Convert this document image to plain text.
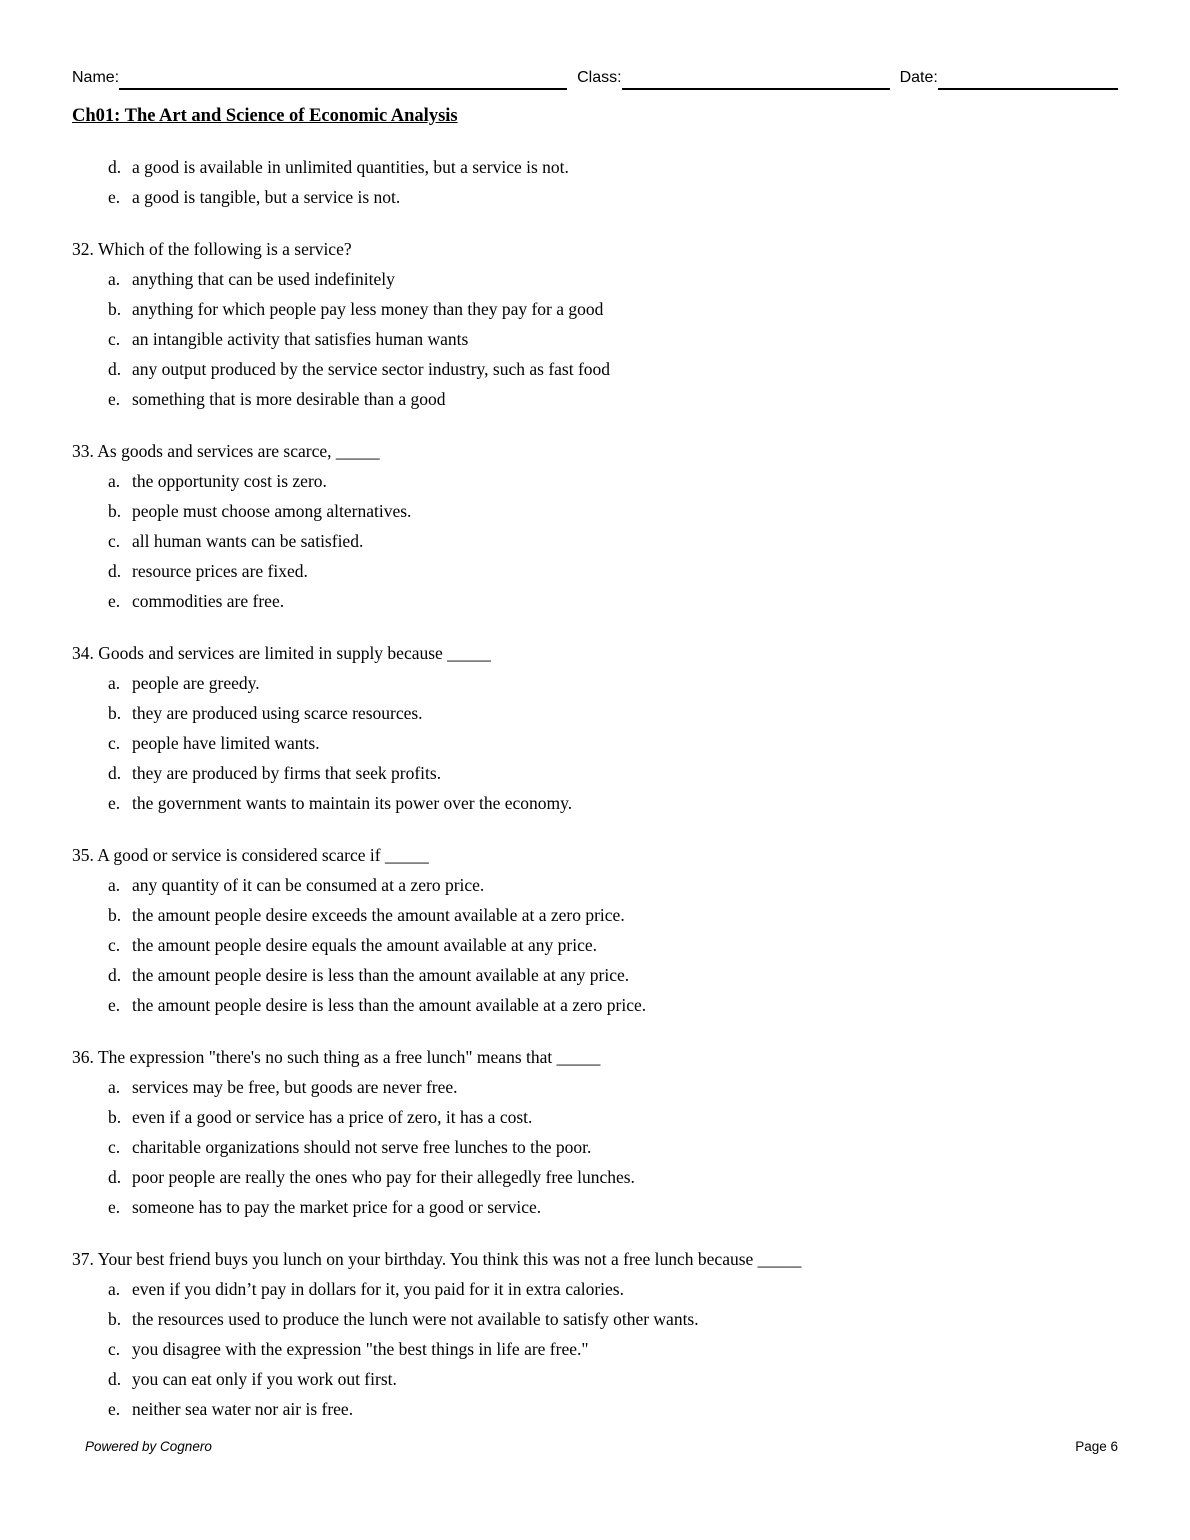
Name:	Class:	Date:
Ch01: The Art and Science of Economic Analysis
d. a good is available in unlimited quantities, but a service is not.
e. a good is tangible, but a service is not.
32. Which of the following is a service?
a. anything that can be used indefinitely
b. anything for which people pay less money than they pay for a good
c. an intangible activity that satisfies human wants
d. any output produced by the service sector industry, such as fast food
e. something that is more desirable than a good
33. As goods and services are scarce, _____
a. the opportunity cost is zero.
b. people must choose among alternatives.
c. all human wants can be satisfied.
d. resource prices are fixed.
e. commodities are free.
34. Goods and services are limited in supply because _____
a. people are greedy.
b. they are produced using scarce resources.
c. people have limited wants.
d. they are produced by firms that seek profits.
e. the government wants to maintain its power over the economy.
35. A good or service is considered scarce if _____
a. any quantity of it can be consumed at a zero price.
b. the amount people desire exceeds the amount available at a zero price.
c. the amount people desire equals the amount available at any price.
d. the amount people desire is less than the amount available at any price.
e. the amount people desire is less than the amount available at a zero price.
36. The expression "there's no such thing as a free lunch" means that _____
a. services may be free, but goods are never free.
b. even if a good or service has a price of zero, it has a cost.
c. charitable organizations should not serve free lunches to the poor.
d. poor people are really the ones who pay for their allegedly free lunches.
e. someone has to pay the market price for a good or service.
37. Your best friend buys you lunch on your birthday. You think this was not a free lunch because _____
a. even if you didn’t pay in dollars for it, you paid for it in extra calories.
b. the resources used to produce the lunch were not available to satisfy other wants.
c. you disagree with the expression "the best things in life are free."
d. you can eat only if you work out first.
e. neither sea water nor air is free.
Powered by Cognero	Page 6
